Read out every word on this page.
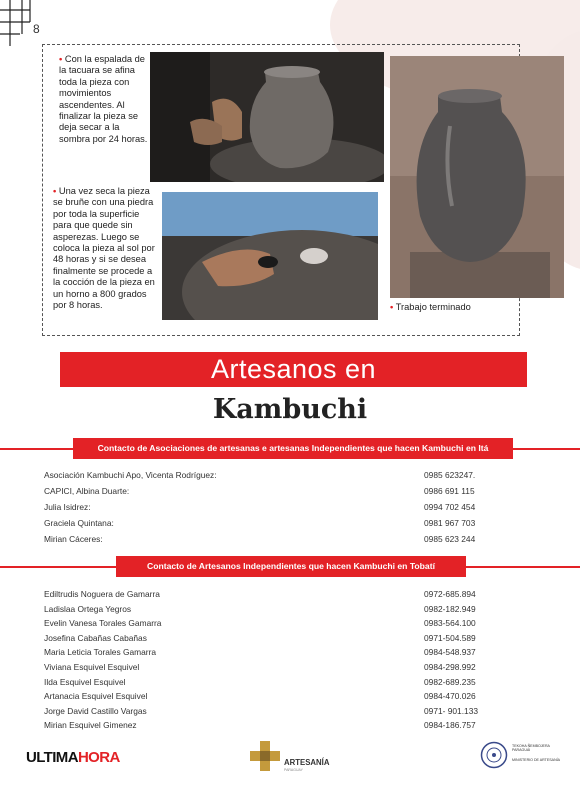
8
• Con la espalada de la tacuara se afina toda la pieza con movimientos ascendentes. Al finalizar la pieza se deja secar a la sombra por 24 horas.
• Una vez seca la pieza se bruñe con una piedra por toda la superficie para que quede sin asperezas. Luego se coloca la pieza al sol por 48 horas y si se desea finalmente se procede a la cocción de la pieza en un horno a 800 grados por 8 horas.	• Trabajo terminado
Artesanos en
Kambuchi
Contacto de Asociaciones de artesanas e artesanas Independientes que hacen Kambuchi en Itá
Asociación Kambuchi Apo, Vicenta Rodríguez:	0985 623247.
CAPICI, Albina Duarte:	0986 691 115
Julia Isidrez:	0994 702 454
Graciela Quintana:	0981 967 703
Mirian Cáceres:	0985 623 244
Contacto de Artesanos Independientes que hacen Kambuchi en Tobatí
Ediltrudis Noguera de Gamarra	0972-685.894
Ladislaa Ortega Yegros	0982-182.949
Evelin Vanesa Torales Gamarra	0983-564.100
Josefina Cabañas Cabañas	0971-504.589
Maria Leticia Torales Gamarra	0984-548.937
Viviana Esquivel Esquivel	0984-298.992
Ilda Esquivel Esquivel	0982-689.235
Artanacia Esquivel Esquivel	0984-470.026
Jorge David Castillo Vargas	0971- 901.133
Mirian Esquivel Gimenez	0984-186.757
ULTIMAHORA	ARTESANÍA
PARAGUAY
TEKOHA ÑEMBOJERA PARAGUÁI
MINISTERIO DE ARTESANÍA
